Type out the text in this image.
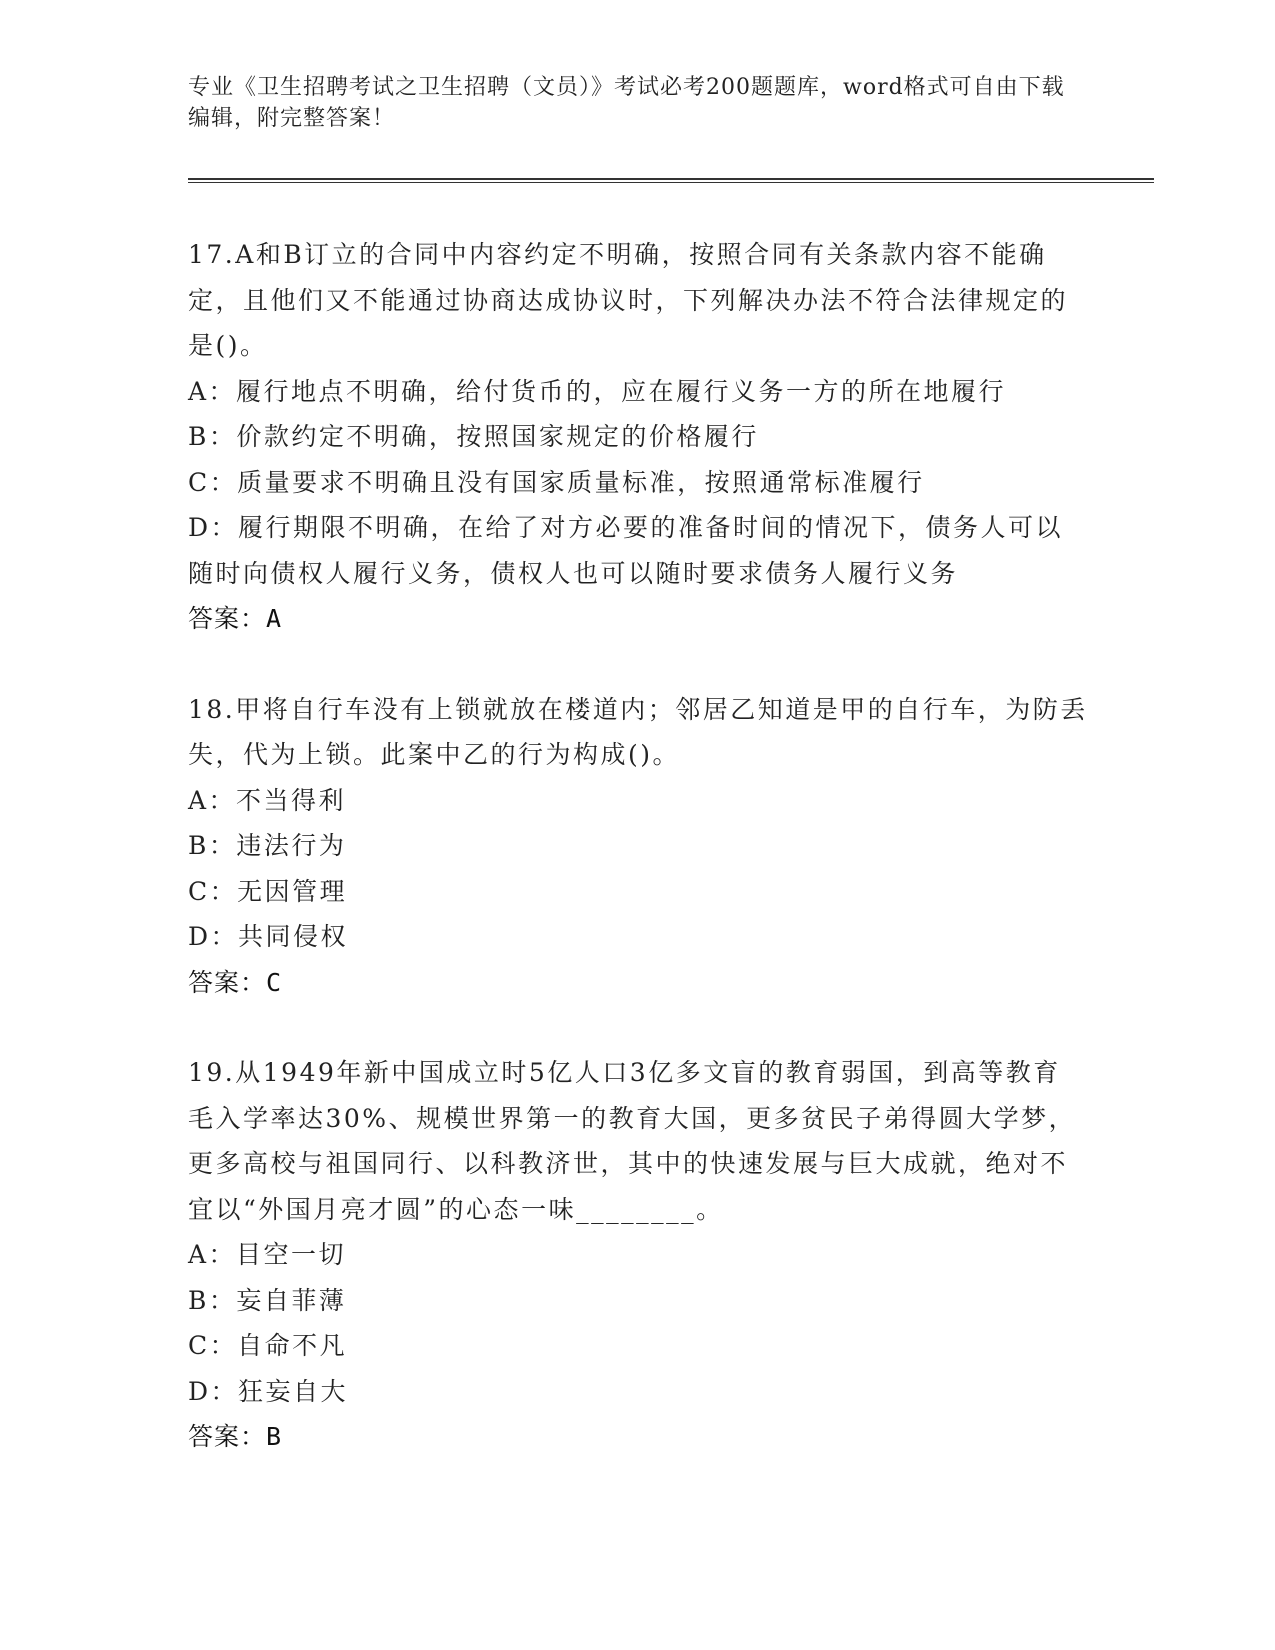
专业《卫生招聘考试之卫生招聘（文员）》考试必考200题题库，word格式可自由下载编辑，附完整答案！
17.A和B订立的合同中内容约定不明确，按照合同有关条款内容不能确定，且他们又不能通过协商达成协议时，下列解决办法不符合法律规定的是()。
A：履行地点不明确，给付货币的，应在履行义务一方的所在地履行
B：价款约定不明确，按照国家规定的价格履行
C：质量要求不明确且没有国家质量标准，按照通常标准履行
D：履行期限不明确，在给了对方必要的准备时间的情况下，债务人可以随时向债权人履行义务，债权人也可以随时要求债务人履行义务
答案：A
18.甲将自行车没有上锁就放在楼道内；邻居乙知道是甲的自行车，为防丢失，代为上锁。此案中乙的行为构成()。
A：不当得利
B：违法行为
C：无因管理
D：共同侵权
答案：C
19.从1949年新中国成立时5亿人口3亿多文盲的教育弱国，到高等教育毛入学率达30%、规模世界第一的教育大国，更多贫民子弟得圆大学梦，更多高校与祖国同行、以科教济世，其中的快速发展与巨大成就，绝对不宜以“外国月亮才圆”的心态一味________。
A：目空一切
B：妄自菲薄
C：自命不凡
D：狂妄自大
答案：B
